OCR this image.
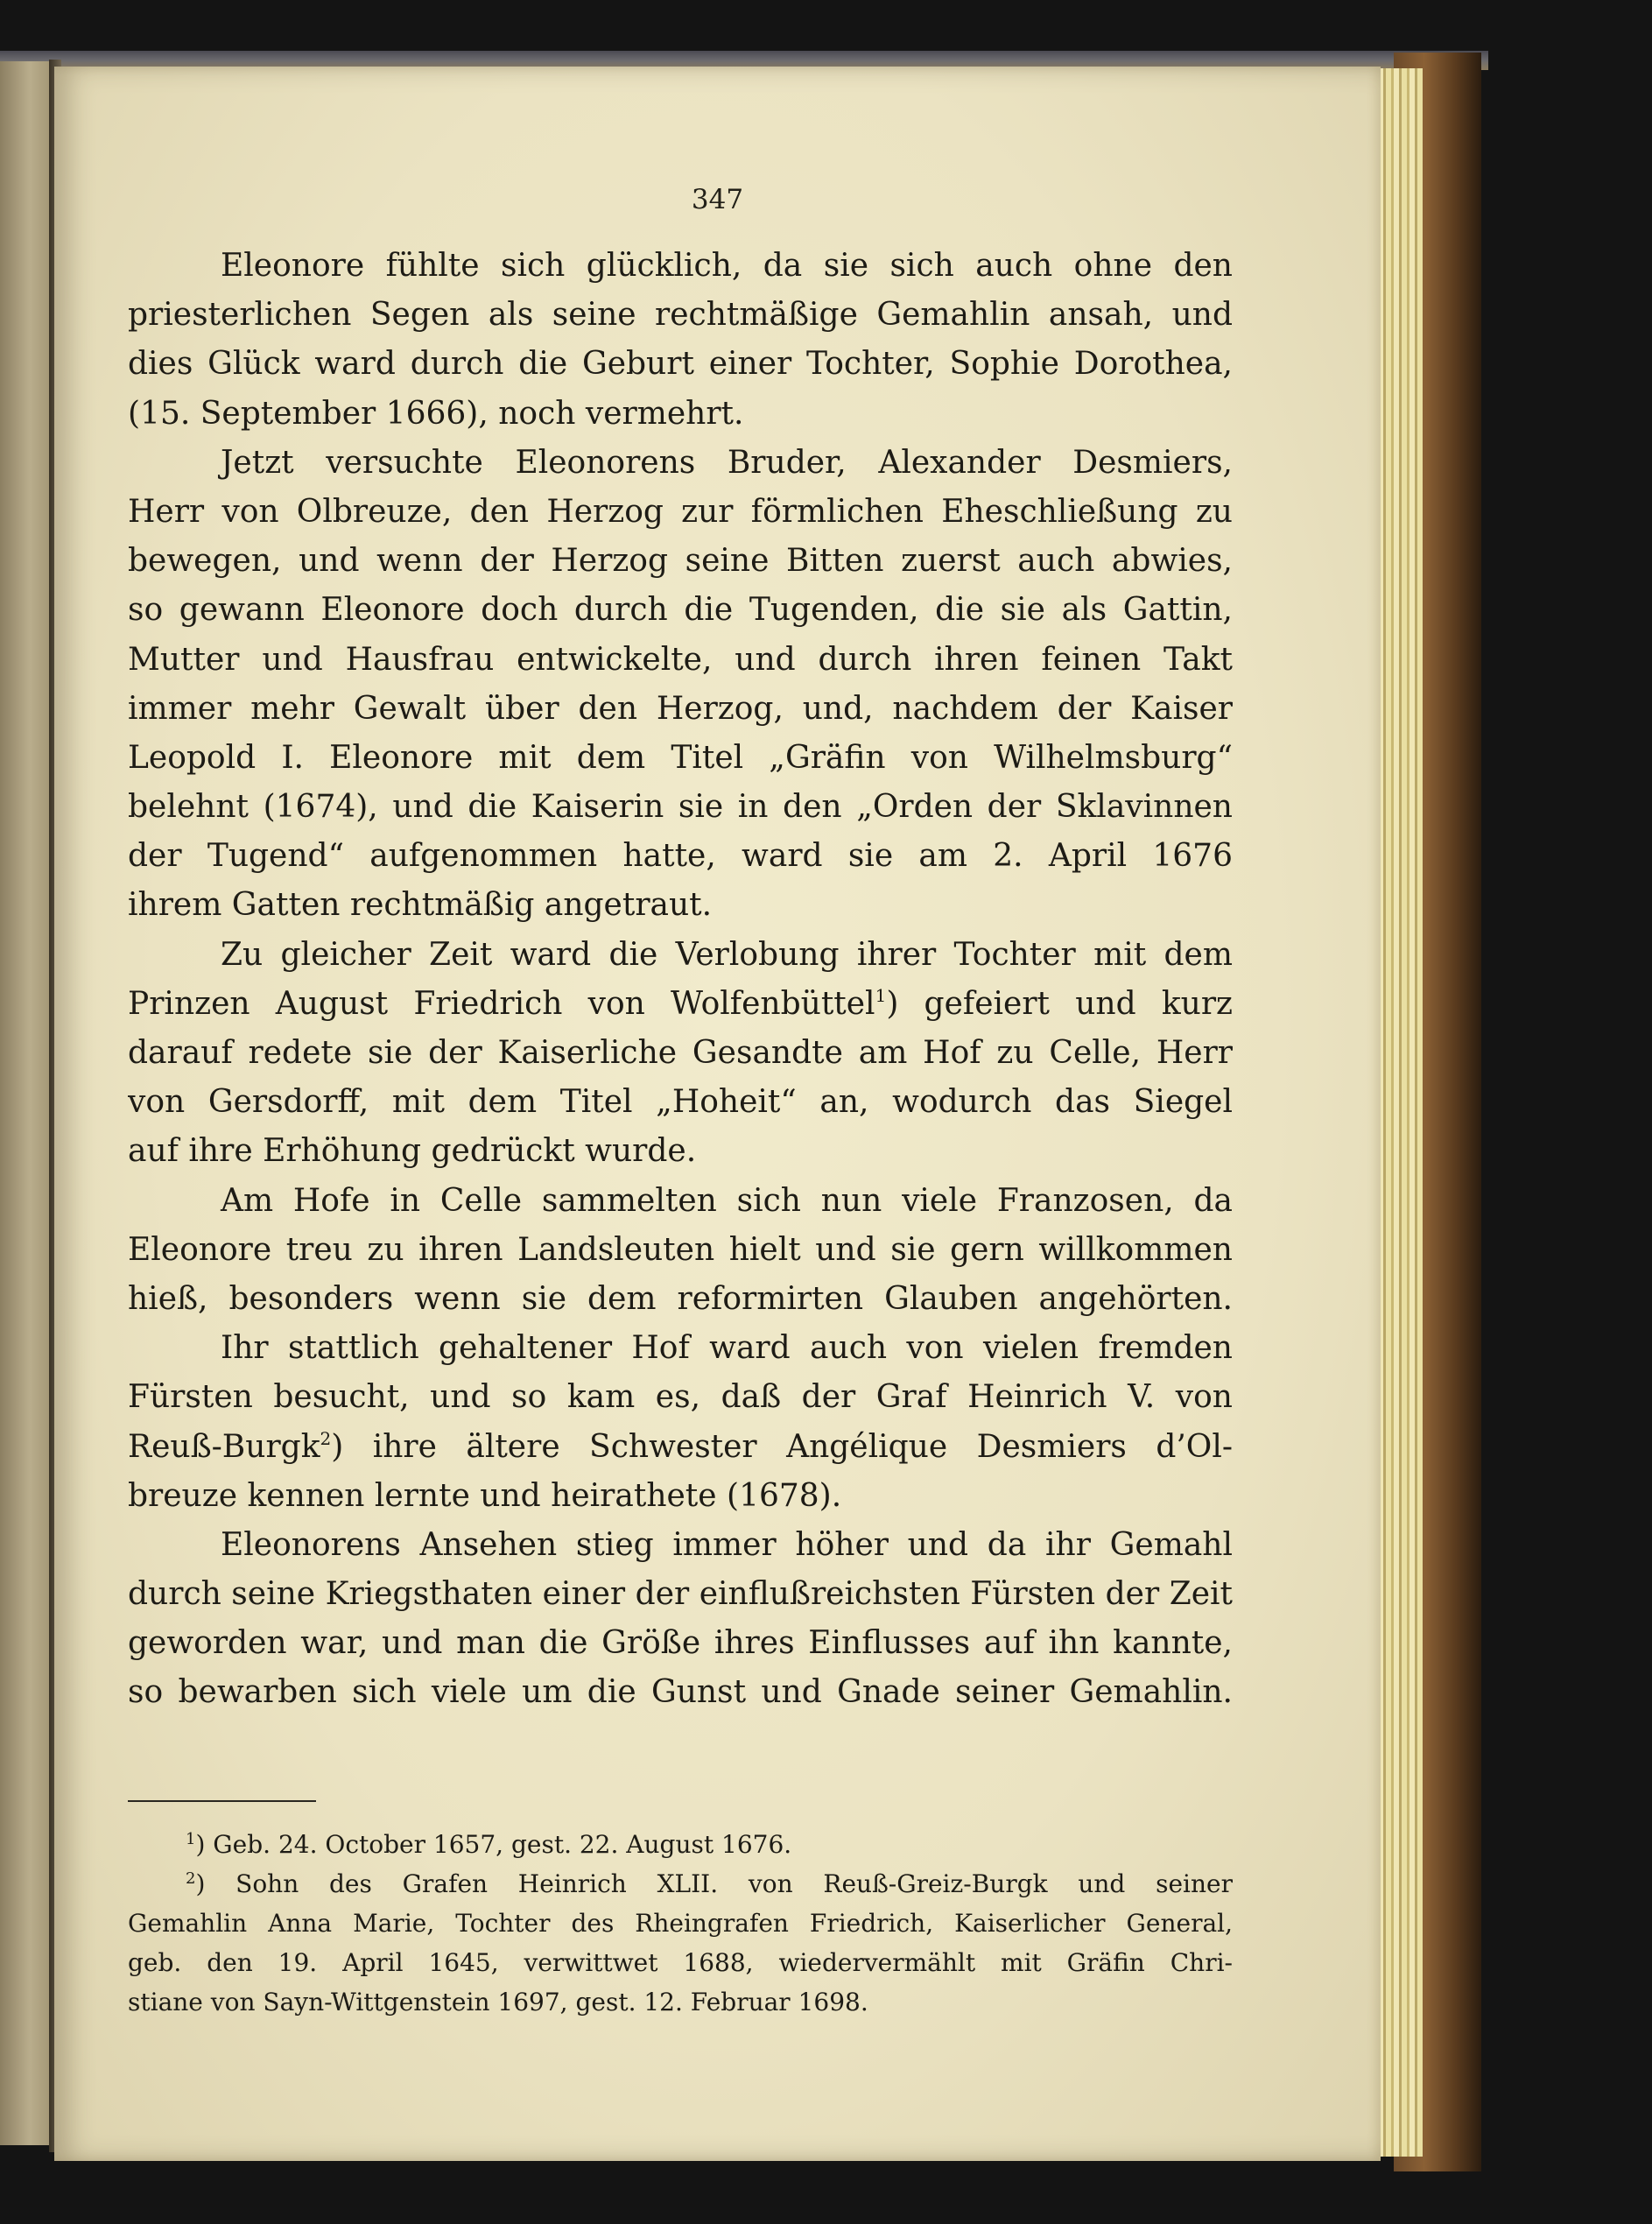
347
Eleonore fühlte sich glücklich, da sie sich auch ohne den
priesterlichen Segen als seine rechtmäßige Gemahlin ansah, und
dies Glück ward durch die Geburt einer Tochter, Sophie Dorothea,
(15. September 1666), noch vermehrt.
Jetzt versuchte Eleonorens Bruder, Alexander Desmiers,
Herr von Olbreuze, den Herzog zur förmlichen Eheschließung zu
bewegen, und wenn der Herzog seine Bitten zuerst auch abwies,
so gewann Eleonore doch durch die Tugenden, die sie als Gattin,
Mutter und Hausfrau entwickelte, und durch ihren feinen Takt
immer mehr Gewalt über den Herzog, und, nachdem der Kaiser
Leopold I. Eleonore mit dem Titel „Gräfin von Wilhelmsburg“
belehnt (1674), und die Kaiserin sie in den „Orden der Sklavinnen
der Tugend“ aufgenommen hatte, ward sie am 2. April 1676
ihrem Gatten rechtmäßig angetraut.
Zu gleicher Zeit ward die Verlobung ihrer Tochter mit dem
Prinzen August Friedrich von Wolfenbüttel$^1$) gefeiert und kurz
darauf redete sie der Kaiserliche Gesandte am Hof zu Celle, Herr
von Gersdorff, mit dem Titel „Hoheit“ an, wodurch das Siegel
auf ihre Erhöhung gedrückt wurde.
Am Hofe in Celle sammelten sich nun viele Franzosen, da
Eleonore treu zu ihren Landsleuten hielt und sie gern willkommen
hieß, besonders wenn sie dem reformirten Glauben angehörten.
Ihr stattlich gehaltener Hof ward auch von vielen fremden
Fürsten besucht, und so kam es, daß der Graf Heinrich V. von
Reuß-Burgk$^2$) ihre ältere Schwester Angélique Desmiers d’Ol-
breuze kennen lernte und heirathete (1678).
Eleonorens Ansehen stieg immer höher und da ihr Gemahl
durch seine Kriegsthaten einer der einflußreichsten Fürsten der Zeit
geworden war, und man die Größe ihres Einflusses auf ihn kannte,
so bewarben sich viele um die Gunst und Gnade seiner Gemahlin.
$^1$) Geb. 24. October 1657, gest. 22. August 1676.
$^2$) Sohn des Grafen Heinrich XLII. von Reuß-Greiz-Burgk und seiner
Gemahlin Anna Marie, Tochter des Rheingrafen Friedrich, Kaiserlicher General,
geb. den 19. April 1645, verwittwet 1688, wiedervermählt mit Gräfin Chri-
stiane von Sayn-Wittgenstein 1697, gest. 12. Februar 1698.
